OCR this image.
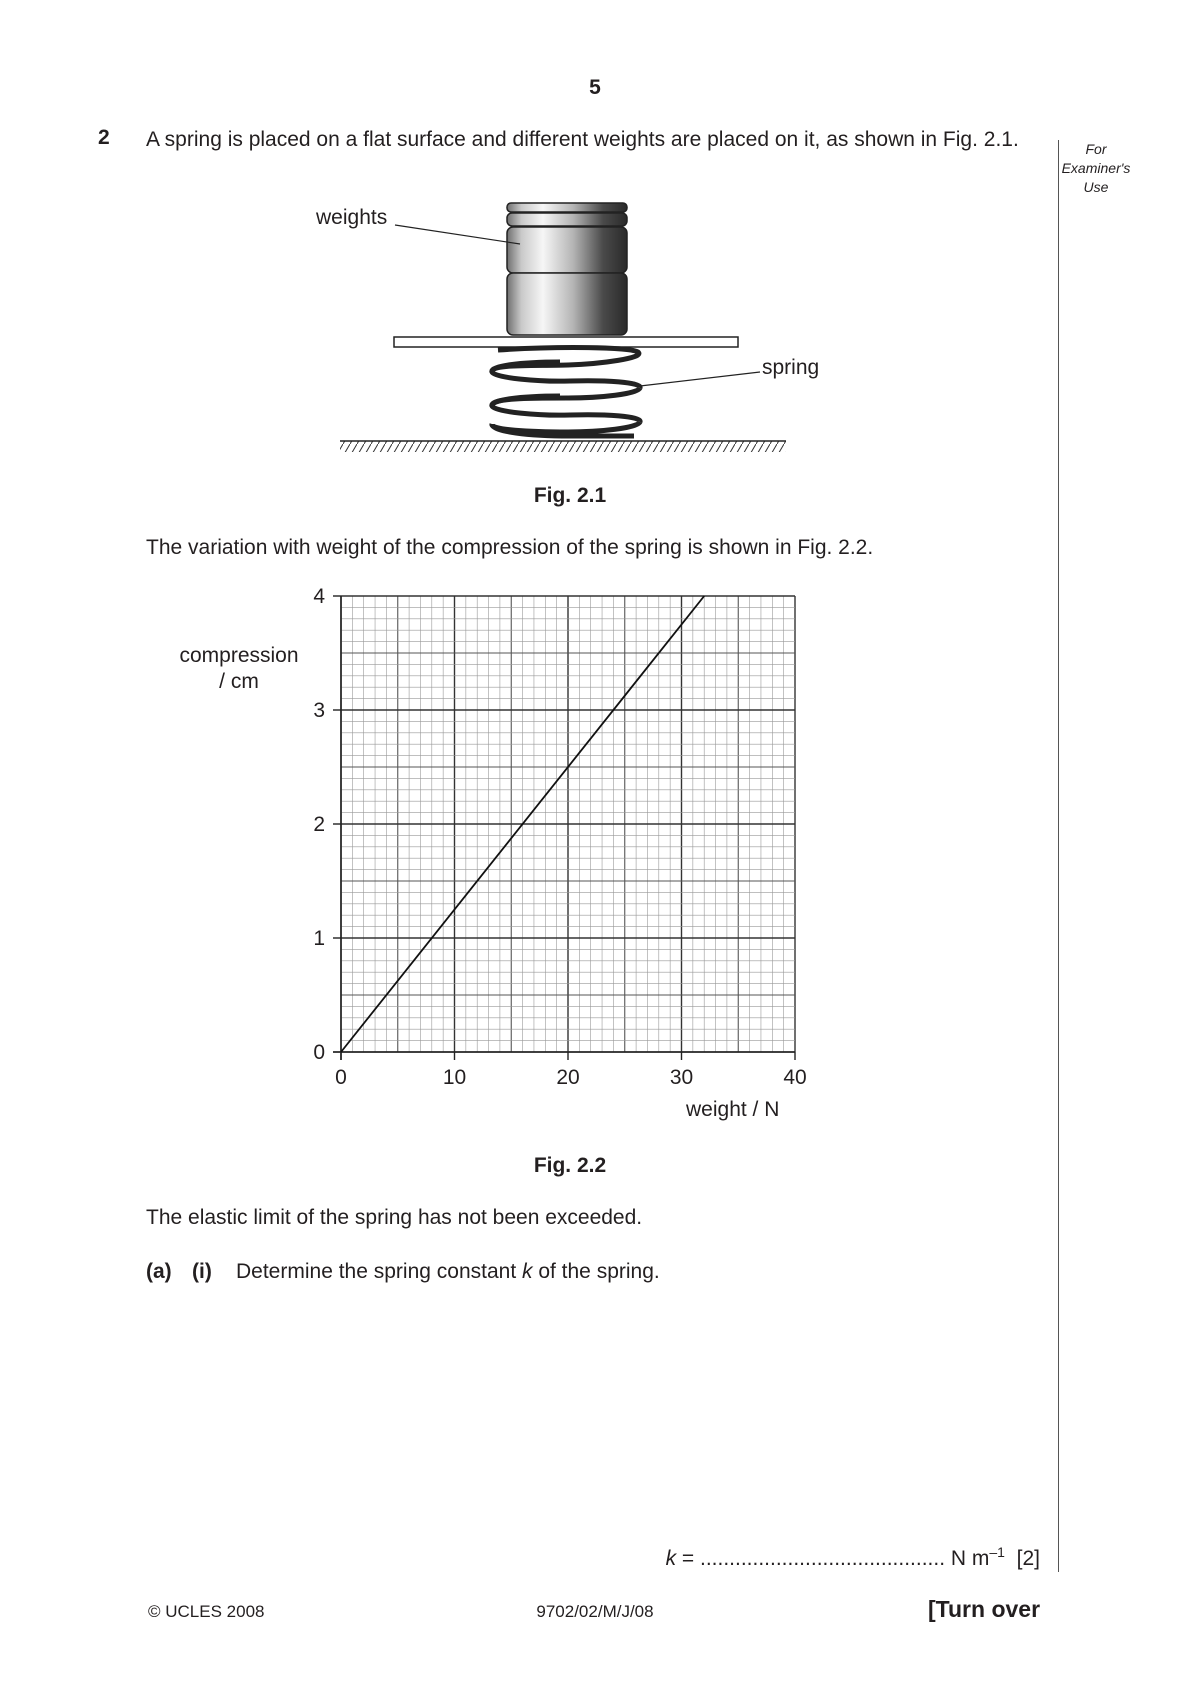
5
2 A spring is placed on a flat surface and different weights are placed on it, as shown in Fig. 2.1.	For
Examiner's
Use
weights
spring
Fig. 2.1
The variation with weight of the compression of the spring is shown in Fig. 2.2.
0	10	20	30	40
0
1
2
3
4
compression
/ cm
weight / N
Fig. 2.2
The elastic limit of the spring has not been exceeded.
(a) (i) Determine the spring constant k of the spring.
k = .......................................... N $m^{-1}$ [2]
© UCLES 2008	9702/02/M/J/08	[Turn over
